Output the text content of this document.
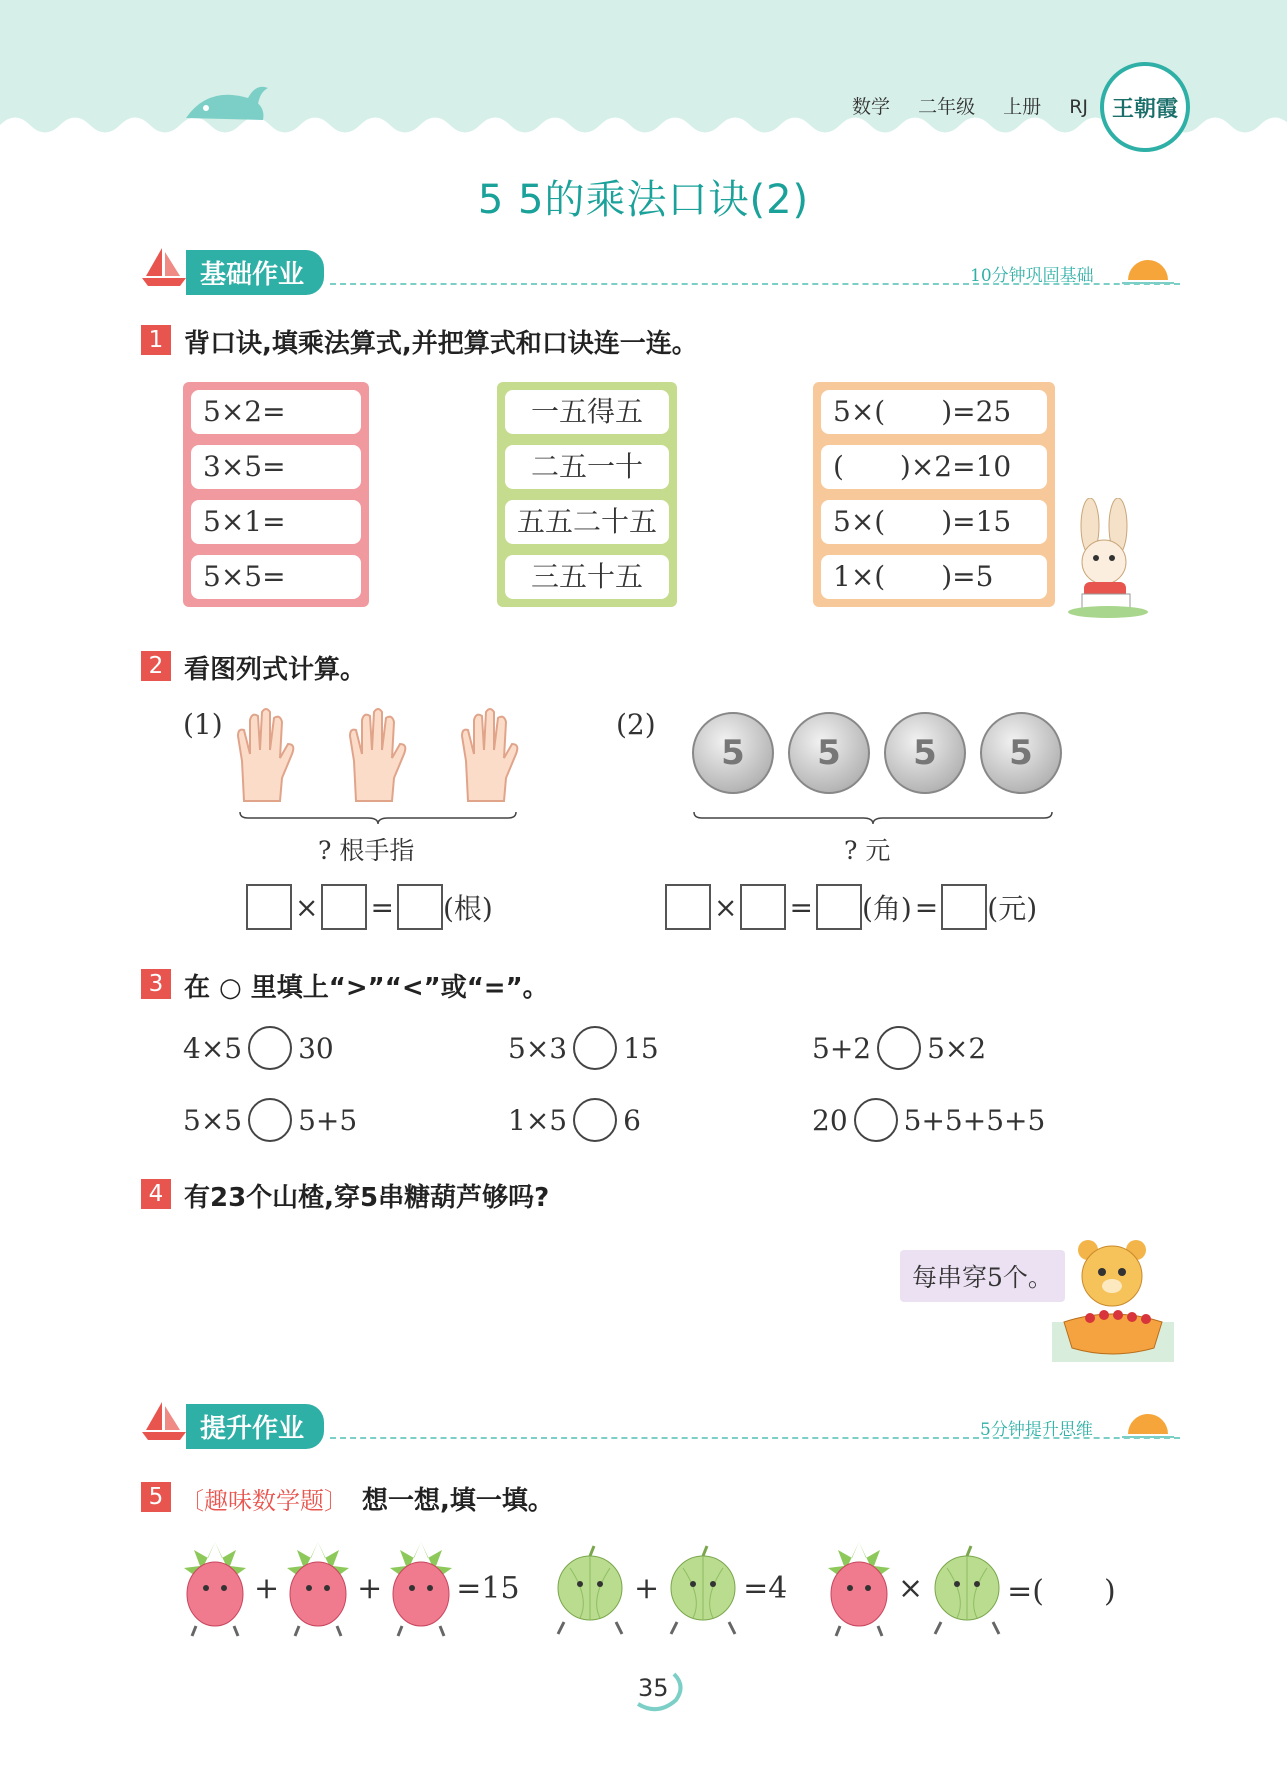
数学 二年级 上册 RJ	王朝霞
5 5的乘法口诀(2)
基础作业	10分钟巩固基础
1 背口诀,填乘法算式,并把算式和口诀连一连。
5×2=
3×5=
5×1=
5×5=
一五得五
二五一十
五五二十五
三五十五
5×(　　)=25
(　　)×2=10
5×(　　)=15
1×(　　)=5
2 看图列式计算。
(1)
? 根手指
× = (根)
(2)
5	5	5	5
? 元
× = (角) = (元)
3 在 ○ 里填上“>”“<”或“=”。
4×5 30	5×3 15	5+2 5×2
5×5 5+5	1×5 6	20 5+5+5+5
4 有23个山楂,穿5串糖葫芦够吗?
每串穿5个。
提升作业	5分钟提升思维
5 〔趣味数学题〕 想一想,填一填。
+	+ =15	+	=4	×	=(　　)
35
